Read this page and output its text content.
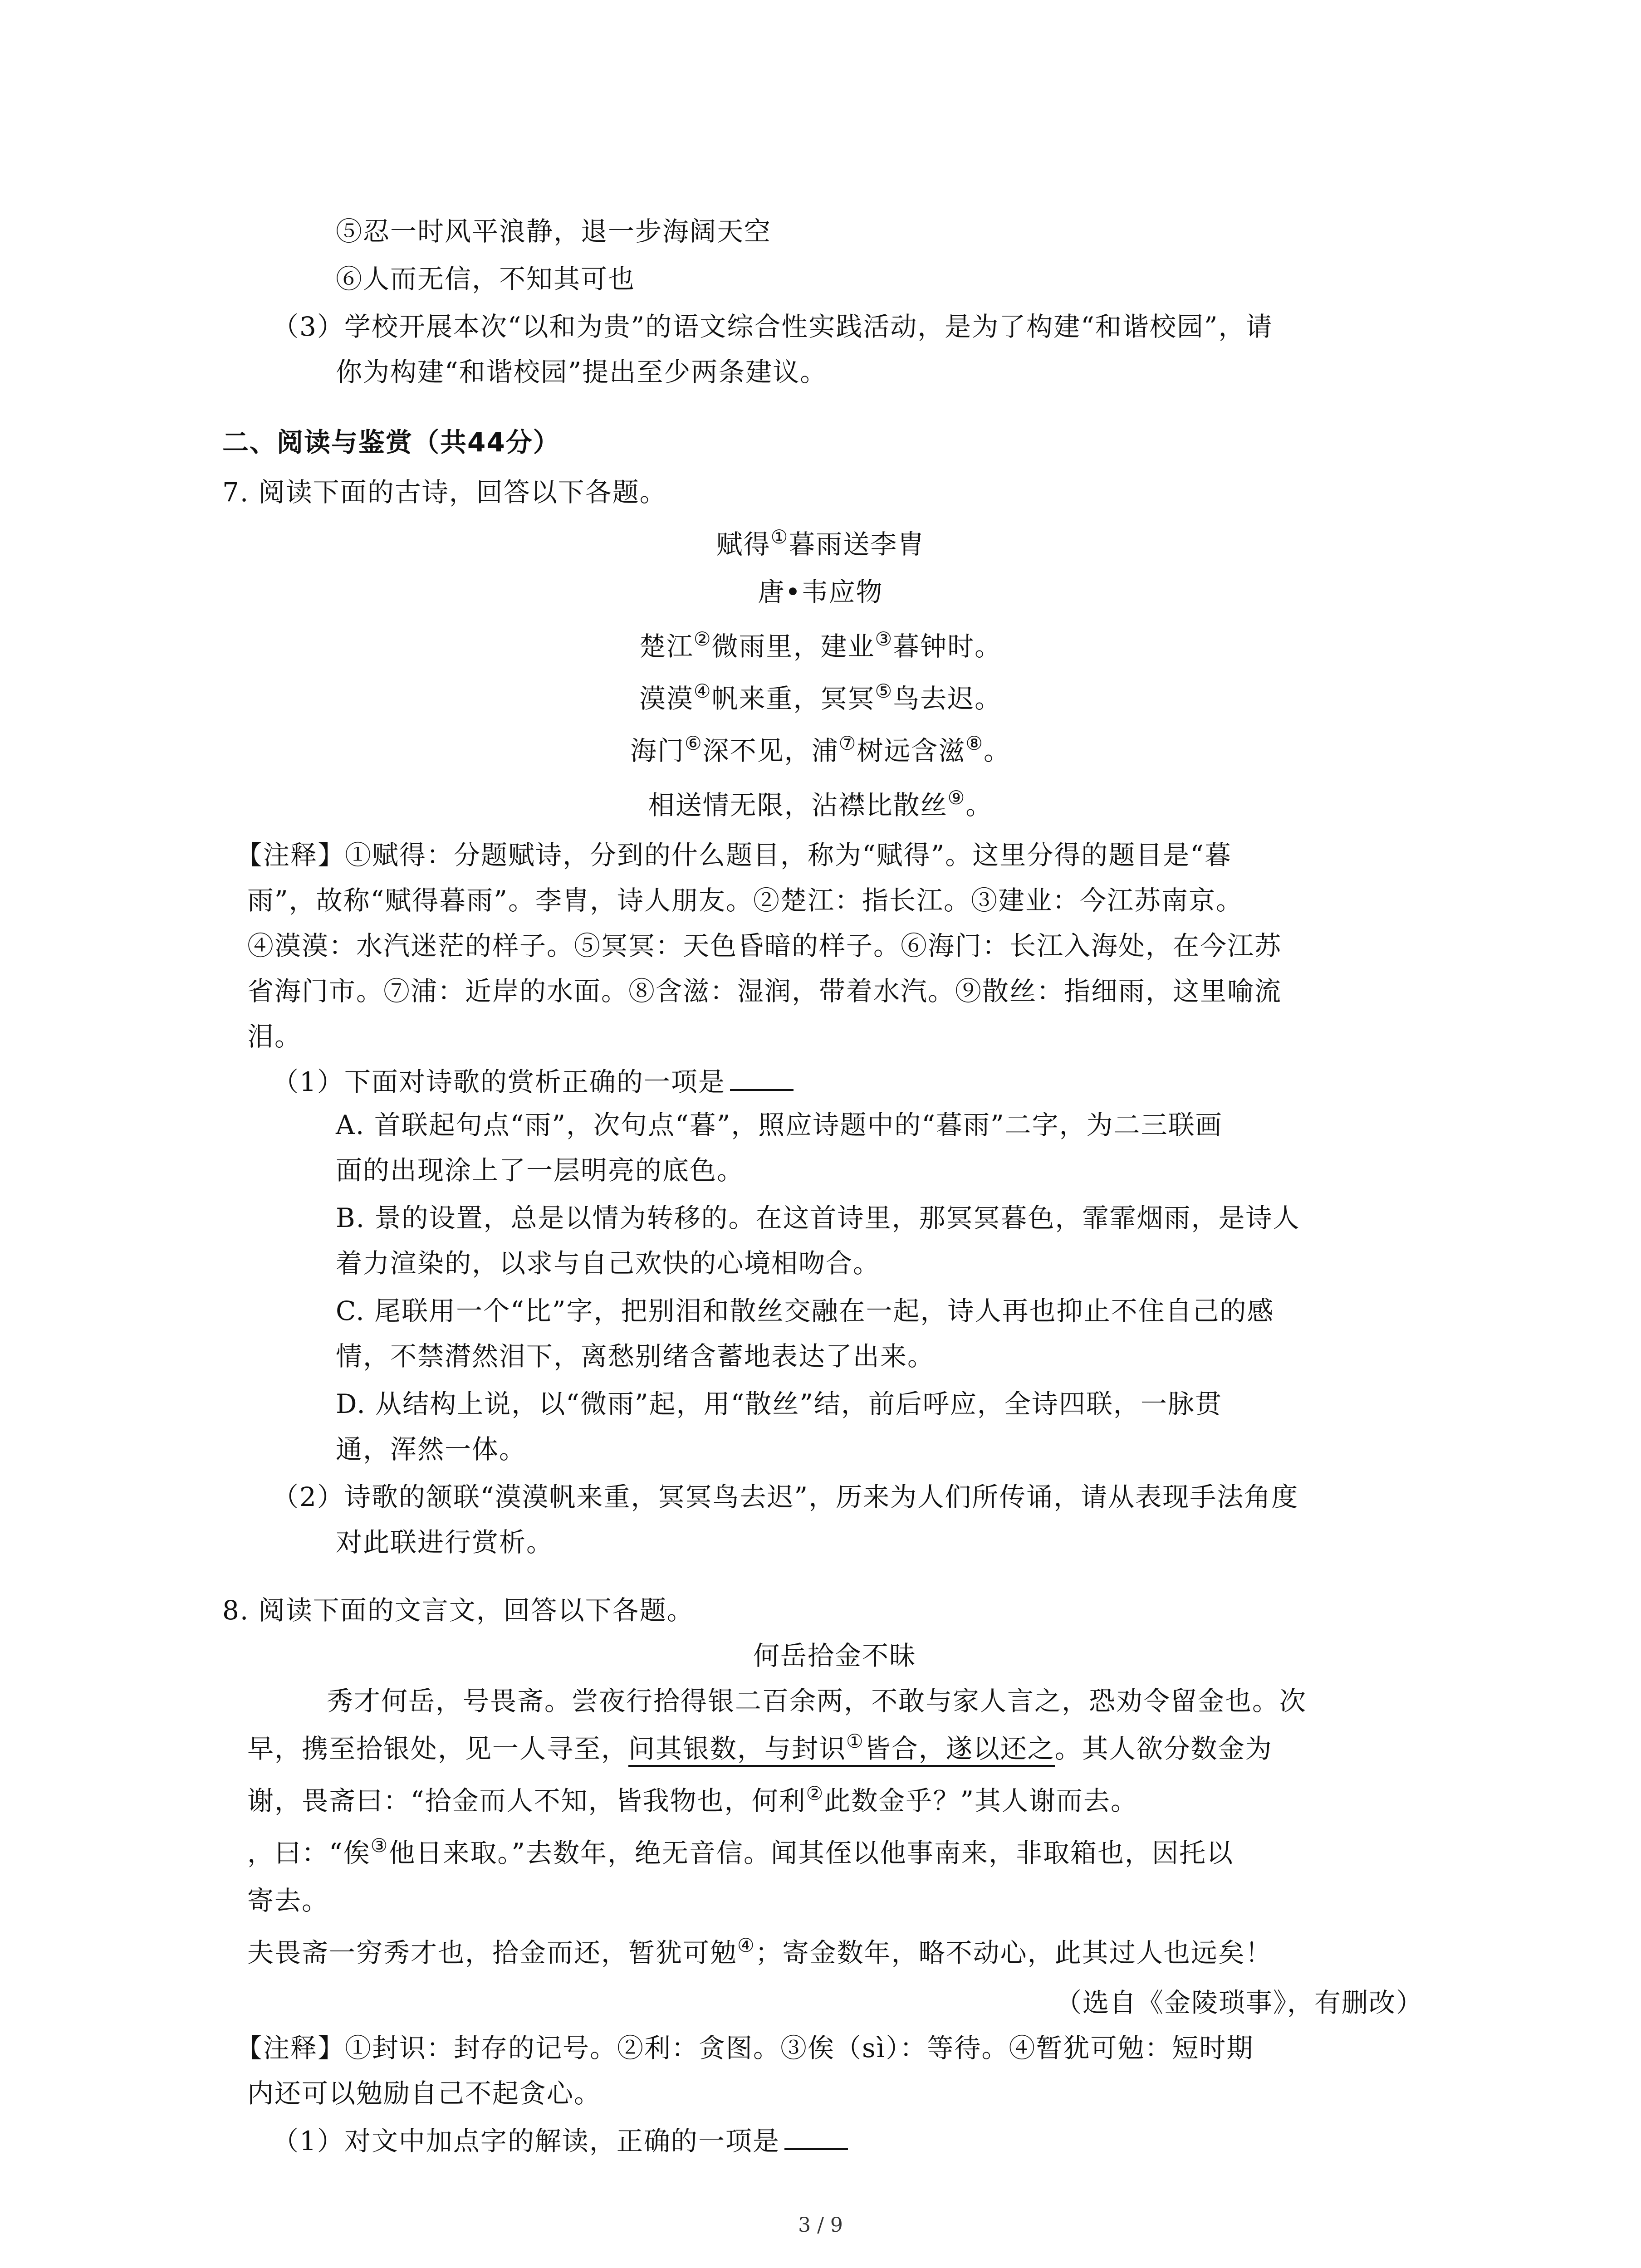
⑤忍一时风平浪静，退一步海阔天空
⑥人而无信，不知其可也
（3）学校开展本次“以和为贵”的语文综合性实践活动，是为了构建“和谐校园”，请
你为构建“和谐校园”提出至少两条建议。
二、阅读与鉴赏（共44分）
7. 阅读下面的古诗，回答以下各题。
赋得①暮雨送李胄
唐•韦应物
楚江②微雨里，建业③暮钟时。
漠漠④帆来重，冥冥⑤鸟去迟。
海门⑥深不见，浦⑦树远含滋⑧。
相送情无限，沾襟比散丝⑨。
【注释】①赋得：分题赋诗，分到的什么题目，称为“赋得”。这里分得的题目是“暮
雨”，故称“赋得暮雨”。李胄，诗人朋友。②楚江：指长江。③建业：今江苏南京。
④漠漠：水汽迷茫的样子。⑤冥冥：天色昏暗的样子。⑥海门：长江入海处，在今江苏
省海门市。⑦浦：近岸的水面。⑧含滋：湿润，带着水汽。⑨散丝：指细雨，这里喻流
泪。
（1）下面对诗歌的赏析正确的一项是
A. 首联起句点“雨”，次句点“暮”，照应诗题中的“暮雨”二字，为二三联画
面的出现涂上了一层明亮的底色。
B. 景的设置，总是以情为转移的。在这首诗里，那冥冥暮色，霏霏烟雨，是诗人
着力渲染的，以求与自己欢快的心境相吻合。
C. 尾联用一个“比”字，把别泪和散丝交融在一起，诗人再也抑止不住自己的感
情，不禁潸然泪下，离愁别绪含蓄地表达了出来。
D. 从结构上说，以“微雨”起，用“散丝”结，前后呼应，全诗四联，一脉贯
通，浑然一体。
（2）诗歌的颔联“漠漠帆来重，冥冥鸟去迟”，历来为人们所传诵，请从表现手法角度
对此联进行赏析。
8. 阅读下面的文言文，回答以下各题。
何岳拾金不昧
秀才何岳，号畏斋。尝夜行拾得银二百余两，不敢与家人言之，恐劝令留金也。次
早，携至拾银处，见一人寻至，问其银数，与封识①皆合，遂以还之。其人欲分数金为
谢，畏斋曰：“拾金而人不知，皆我物也，何利②此数金乎？”其人谢而去。
，曰：“俟③他日来取。”去数年，绝无音信。闻其侄以他事南来，非取箱也，因托以
寄去。
夫畏斋一穷秀才也，拾金而还，暂犹可勉④；寄金数年，略不动心，此其过人也远矣！
（选自《金陵琐事》，有删改）
【注释】①封识：封存的记号。②利：贪图。③俟（sì）：等待。④暂犹可勉：短时期
内还可以勉励自己不起贪心。
（1）对文中加点字的解读，正确的一项是
3 / 9
